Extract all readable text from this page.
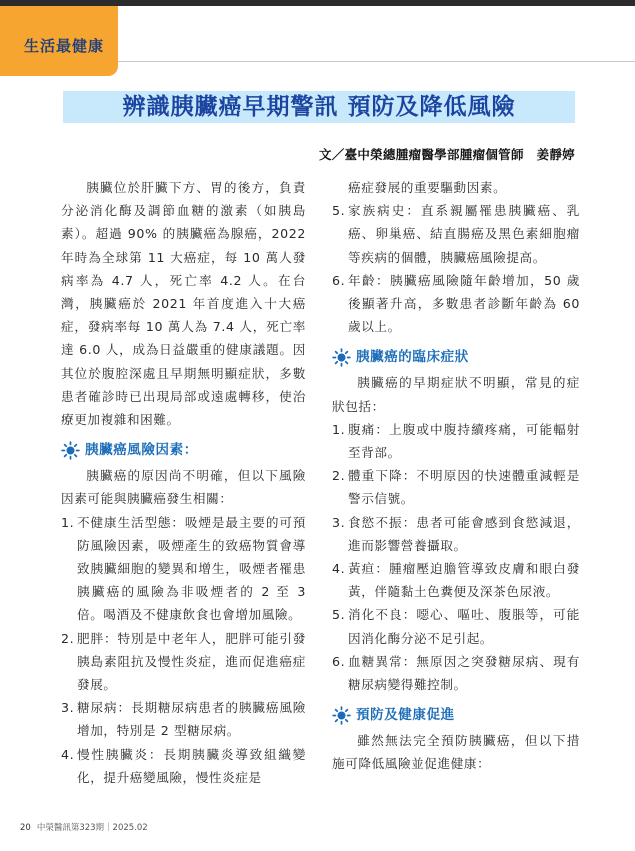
生活最健康
辨識胰臟癌早期警訊 預防及降低風險
文／臺中榮總腫瘤醫學部腫瘤個管師　姜靜婷

胰臟位於肝臟下方、胃的後方，負責分泌消化酶及調節血糖的激素（如胰島素）。超過 90% 的胰臟癌為腺癌，2022 年時為全球第 11 大癌症，每 10 萬人發病率為 4.7 人，死亡率 4.2 人。在台灣，胰臟癌於 2021 年首度進入十大癌症，發病率每 10 萬人為 7.4 人，死亡率達 6.0 人，成為日益嚴重的健康議題。因其位於腹腔深處且早期無明顯症狀，多數患者確診時已出現局部或遠處轉移，使治療更加複雜和困難。

胰臟癌風險因素：

胰臟癌的原因尚不明確，但以下風險因素可能與胰臟癌發生相關：

1. 不健康生活型態：吸煙是最主要的可預防風險因素，吸煙產生的致癌物質會導致胰臟細胞的變異和增生，吸煙者罹患胰臟癌的風險為非吸煙者的 2 至 3 倍。喝酒及不健康飲食也會增加風險。
2. 肥胖：特別是中老年人，肥胖可能引發胰島素阻抗及慢性炎症，進而促進癌症發展。
3. 糖尿病：長期糖尿病患者的胰臟癌風險增加，特別是 2 型糖尿病。
4. 慢性胰臟炎：長期胰臟炎導致組織變化，提升癌變風險，慢性炎症是

癌症發展的重要驅動因素。

5. 家族病史：直系親屬罹患胰臟癌、乳癌、卵巢癌、結直腸癌及黑色素細胞瘤等疾病的個體，胰臟癌風險提高。
6. 年齡：胰臟癌風險隨年齡增加，50 歲後顯著升高，多數患者診斷年齡為 60 歲以上。
胰臟癌的臨床症狀

胰臟癌的早期症狀不明顯，常見的症狀包括：

1. 腹痛：上腹或中腹持續疼痛，可能輻射至背部。
2. 體重下降：不明原因的快速體重減輕是警示信號。
3. 食慾不振：患者可能會感到食慾減退，進而影響營養攝取。
4. 黃疸：腫瘤壓迫膽管導致皮膚和眼白發黃，伴隨黏土色糞便及深茶色尿液。
5. 消化不良：噁心、嘔吐、腹脹等，可能因消化酶分泌不足引起。
6. 血糖異常：無原因之突發糖尿病、現有糖尿病變得難控制。
預防及健康促進

雖然無法完全預防胰臟癌，但以下措施可降低風險並促進健康：

20 中榮醫訊第323期｜2025.02
